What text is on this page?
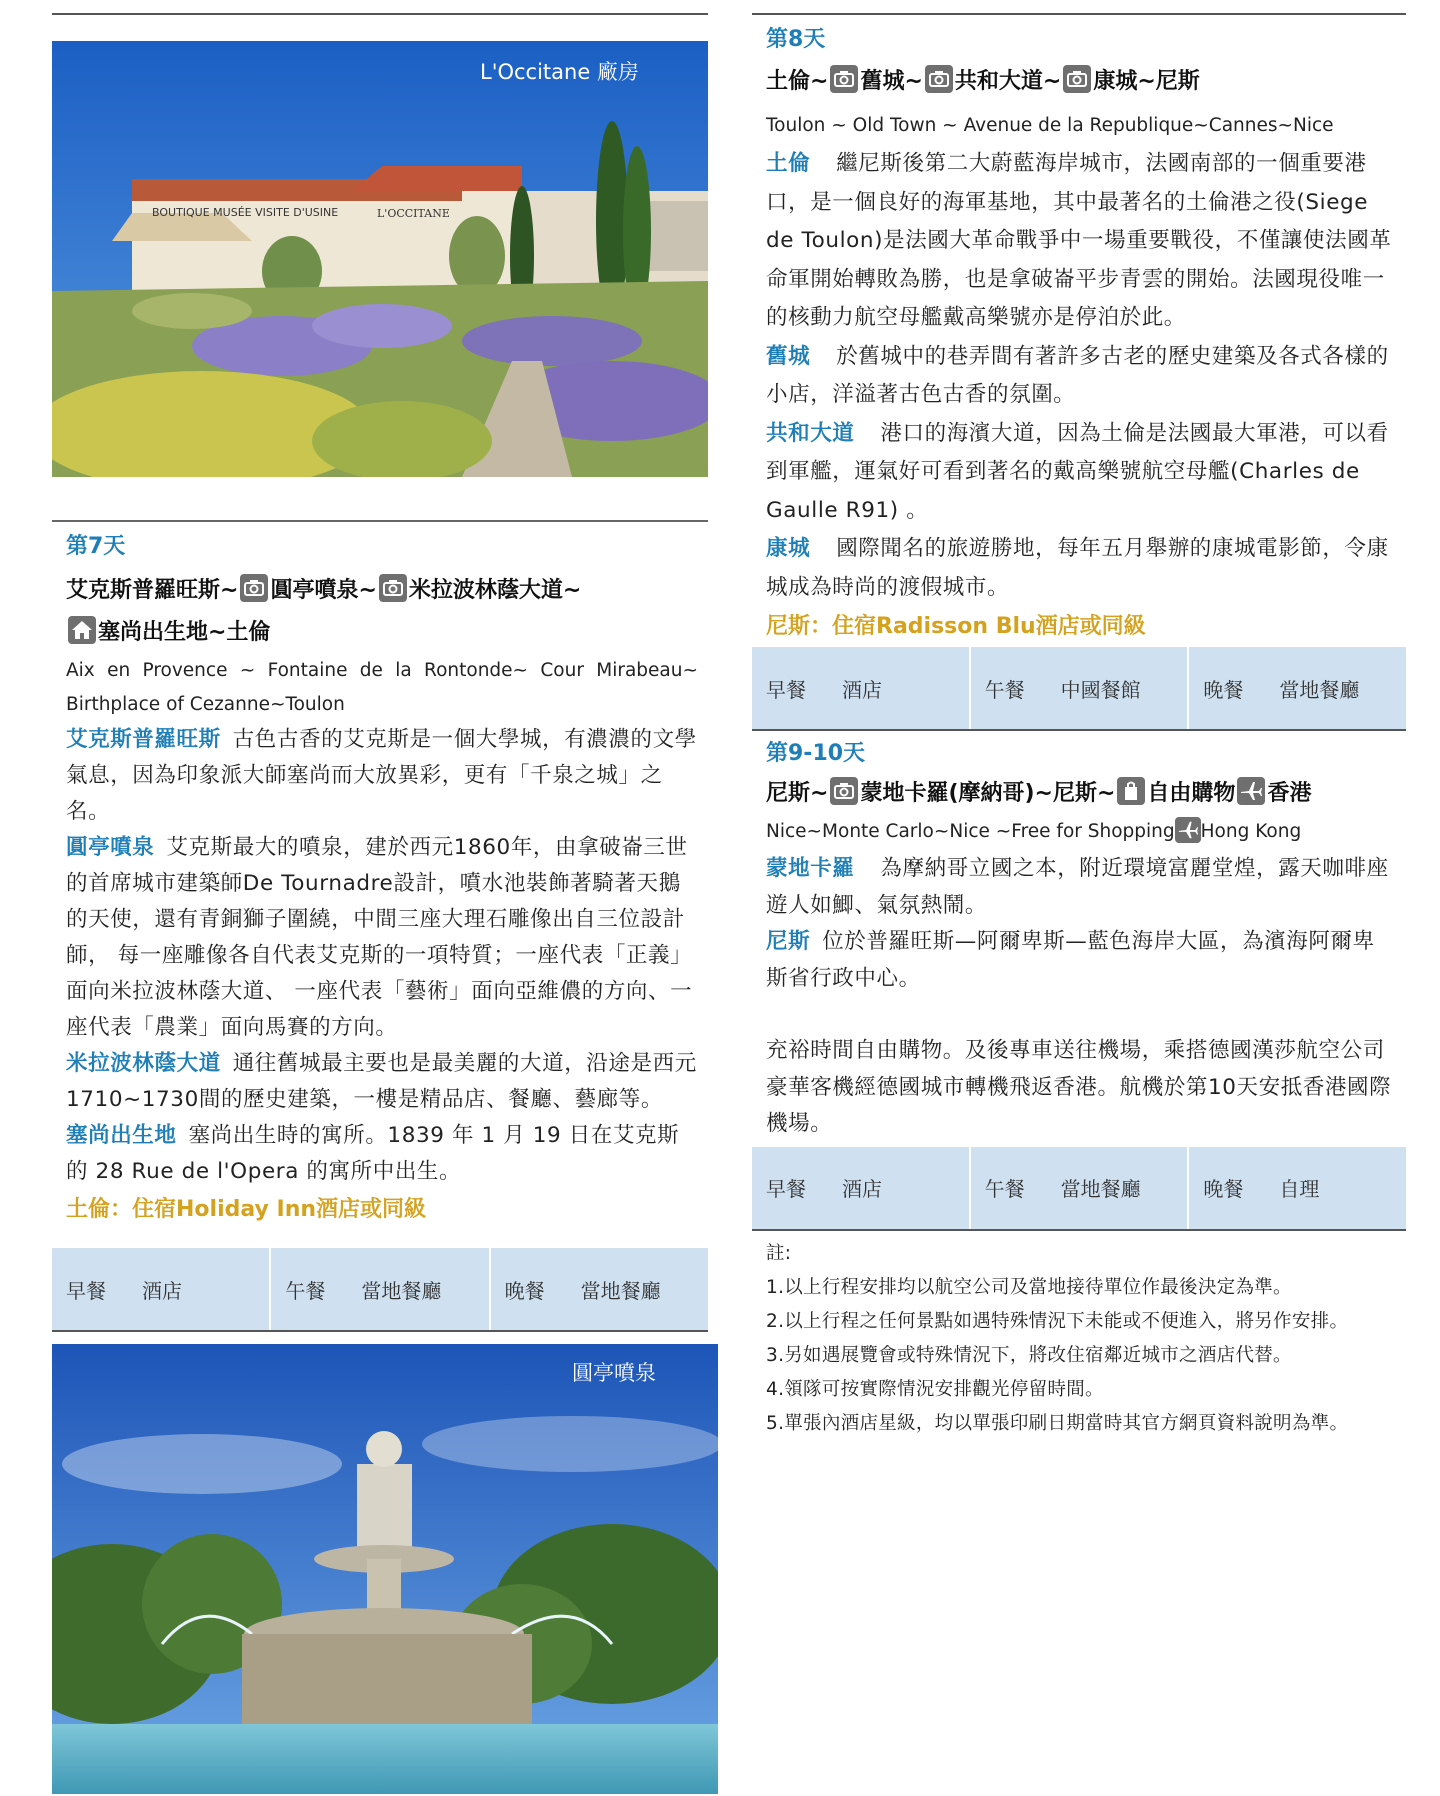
BOUTIQUE MUSÉE VISITE D'USINE	L'OCCITANE
L'Occitane 廠房
第7天
艾克斯普羅旺斯~ 圓亭噴泉~ 米拉波林蔭大道~

塞尚出生地~土倫
Aix en Provence ~ Fontaine de la Rontonde~ Cour Mirabeau~ Birthplace of Cezanne~Toulon
艾克斯普羅旺斯 古色古香的艾克斯是一個大學城，有濃濃的文學氣息，因為印象派大師塞尚而大放異彩，更有「千泉之城」之名。
圓亭噴泉 艾克斯最大的噴泉，建於西元1860年，由拿破崙三世的首席城市建築師De Tournadre設計，噴水池裝飾著騎著天鵝的天使，還有青銅獅子圍繞，中間三座大理石雕像出自三位設計師， 每一座雕像各自代表艾克斯的一項特質；一座代表「正義」面向米拉波林蔭大道、 一座代表「藝術」面向亞維儂的方向、一座代表「農業」面向馬賽的方向。
米拉波林蔭大道 通往舊城最主要也是最美麗的大道，沿途是西元1710~1730間的歷史建築，一樓是精品店、餐廳、藝廊等。
塞尚出生地 塞尚出生時的寓所。1839 年 1 月 19 日在艾克斯的 28 Rue de l'Opera 的寓所中出生。
土倫：住宿Holiday Inn酒店或同級
早餐 酒店	午餐 當地餐廳	晚餐 當地餐廳
圓亭噴泉
第8天
土倫~ 舊城~ 共和大道~ 康城~尼斯
Toulon ~ Old Town ~ Avenue de la Republique~Cannes~Nice
土倫 繼尼斯後第二大蔚藍海岸城市，法國南部的一個重要港口，是一個良好的海軍基地，其中最著名的土倫港之役(Siege de Toulon)是法國大革命戰爭中一場重要戰役，不僅讓使法國革命軍開始轉敗為勝，也是拿破崙平步青雲的開始。法國現役唯一的核動力航空母艦戴高樂號亦是停泊於此。
舊城 於舊城中的巷弄間有著許多古老的歷史建築及各式各樣的小店，洋溢著古色古香的氛圍。
共和大道 港口的海濱大道，因為土倫是法國最大軍港，可以看到軍艦，運氣好可看到著名的戴高樂號航空母艦(Charles de Gaulle R91) 。
康城 國際聞名的旅遊勝地，每年五月舉辦的康城電影節，令康城成為時尚的渡假城市。
尼斯：住宿Radisson Blu酒店或同級
早餐 酒店	午餐 中國餐館	晚餐 當地餐廳
第9-10天
尼斯~ 蒙地卡羅(摩納哥)~尼斯~ 自由購物 香港
Nice~Monte Carlo~Nice ~Free for Shopping Hong Kong
蒙地卡羅 為摩納哥立國之本，附近環境富麗堂煌，露天咖啡座遊人如鯽、氣氛熱鬧。
尼斯 位於普羅旺斯—阿爾卑斯—藍色海岸大區，為濱海阿爾卑斯省行政中心。
充裕時間自由購物。及後專車送往機場，乘搭德國漢莎航空公司豪華客機經德國城市轉機飛返香港。航機於第10天安抵香港國際機場。
早餐 酒店	午餐 當地餐廳	晚餐 自理
註:
1.以上行程安排均以航空公司及當地接待單位作最後決定為準。
2.以上行程之任何景點如遇特殊情況下未能或不便進入，將另作安排。
3.另如遇展覽會或特殊情況下，將改住宿鄰近城市之酒店代替。
4.領隊可按實際情況安排觀光停留時間。
5.單張內酒店星級，均以單張印刷日期當時其官方網頁資料說明為準。
